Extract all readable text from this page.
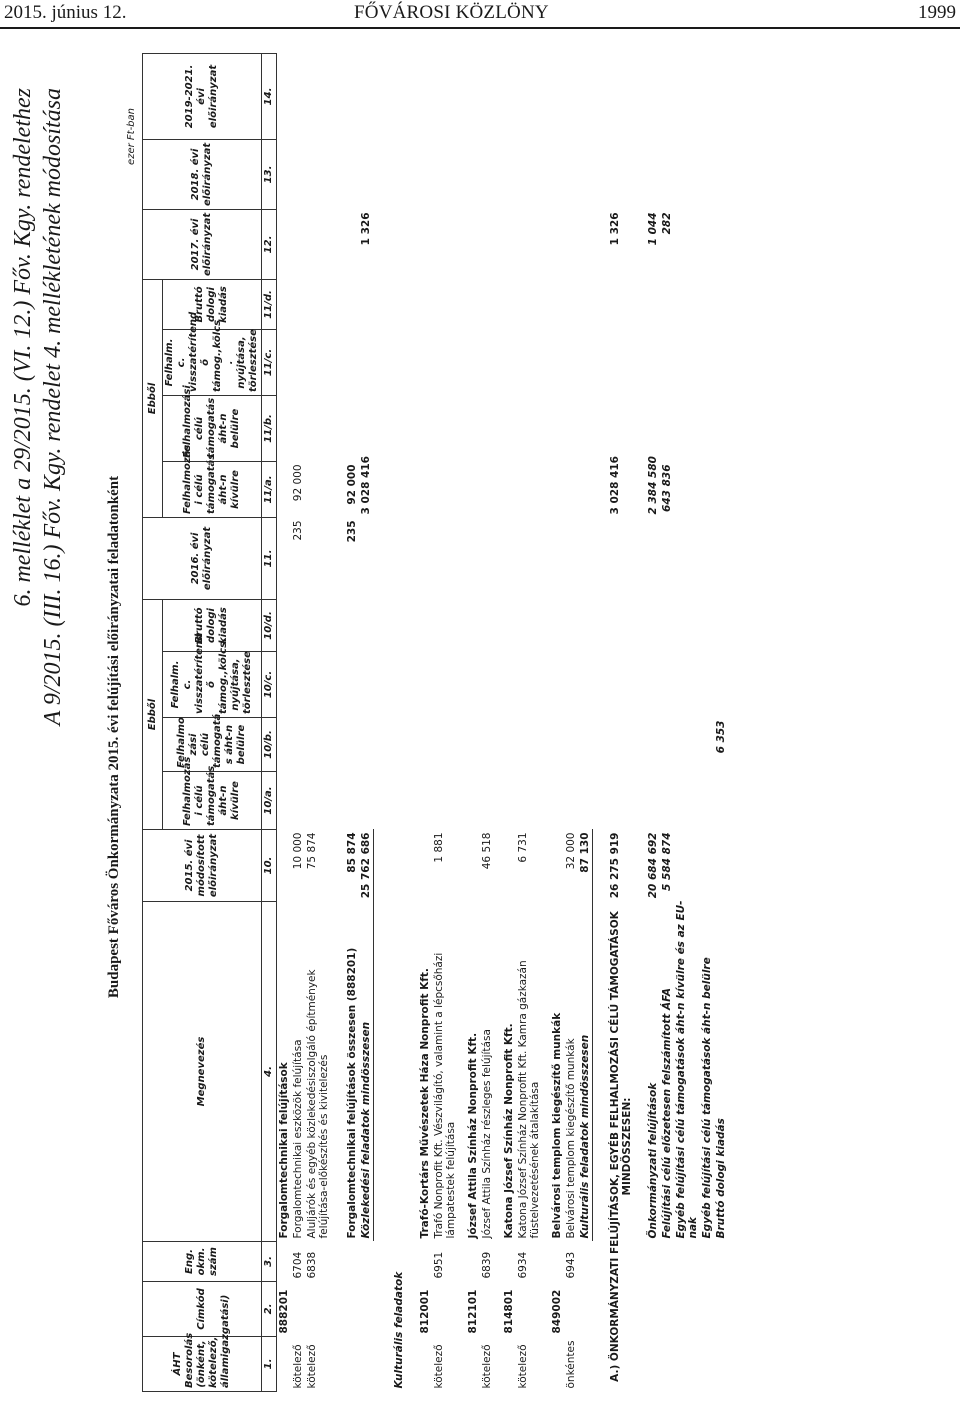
2015. június 12.	FŐVÁROSI KÖZLÖNY	1999
6. melléklet a 29/2015. (VI. 12.) Főv. Kgy. rendelethez A 9/2015. (III. 16.) Főv. Kgy. rendelet 4. mellékletének módosítása
Budapest Főváros Önkormányzata 2015. évi felújítási előirányzatai feladatonként
ezer Ft-ban
ÁHT Besorolás (önként, kötelező, államigazgatási)	Címkód	Eng. okm. szám	Megnevezés	2015. évi módosított előirányzat	Ebből				2016. évi előirányzat	Ebből				2017. évi előirányzat	2018. évi előirányzat	2019-2021. évi előirányzat
					Felhalmozás i célú támogatás áht-n kívülre	Felhalmo zási célú támogatá s áht-n belülre	Felhalm. c. visszatérítend ő támog.,kölcs. nyújtása, törlesztése	Bruttó dologi kiadás		Felhalmozás i célú támogatás áht-n kívülre	Felhalmozási célú támogatás áht-n belülre	Felhalm. c. visszatérítend ő támog.,kölcs . nyújtása, törlesztése	Bruttó dologi kiadás			
1.	2.	3.	4.	10.	10/a.	10/b.	10/c.	10/d.	11.	11/a.	11/b.	11/c.	11/d.	12.	13.	14.
	888201		Forgalomtechnikai felújítások													
kötelező		6704	Forgalomtechnikai eszközök felújítása	10 000					235	92 000						
kötelező		6838	Aluljárók és egyéb közlekedésiszolgáló építmények
felújítása-előkészítés és kivitelezés	75 874												

			Forgalomtechnikai felújítások összesen (888201)	85 874					235	92 000						
			Közlekedési feladatok mindösszesen	25 762 686						3 028 416				1 326		

Kulturális feladatok																

	812001		Trafó-Kortárs Művészetek Háza Nonprofit Kft.													
kötelező		6951	Trafó Nonprofit Kft. Vészvilágító, valamint a lépcsőházi
lámpatestek felújítása	1 881												

	812101		József Attila Színház Nonprofit Kft.													
kötelező		6839	József Attila Színház részleges felújítása	46 518												

	814801		Katona József Színház Nonprofit Kft.													
kötelező		6934	Katona József Színház Nonprofit Kft. Kamra gázkazán
füstelvezetésének átalakítása	6 731												

	849002		Belvárosi templom kiegészítő munkák													
önkéntes		6943	Belvárosi templom kiegészítő munkák	32 000												
			Kulturális feladatok mindösszesen	87 130												

A.) ÖNKORMÁNYZATI FELÚJÍTÁSOK, EGYÉB FELHALMOZÁSI CÉLÚ TÁMOGATÁSOK
MINDÖSSZESEN:				26 275 919						3 028 416				1 326		

			Önkormányzati felújítások	20 684 692						2 384 580				1 044		
			Felújítási célú előzetesen felszámított ÁFA	5 584 874						643 836				282		
			Egyéb felújítási célú támogatások áht-n kívülre és az EU-
nak													
			Egyéb felújítási célú támogatások áht-n belülre													
			Bruttó dologi kiadás			6 353										
